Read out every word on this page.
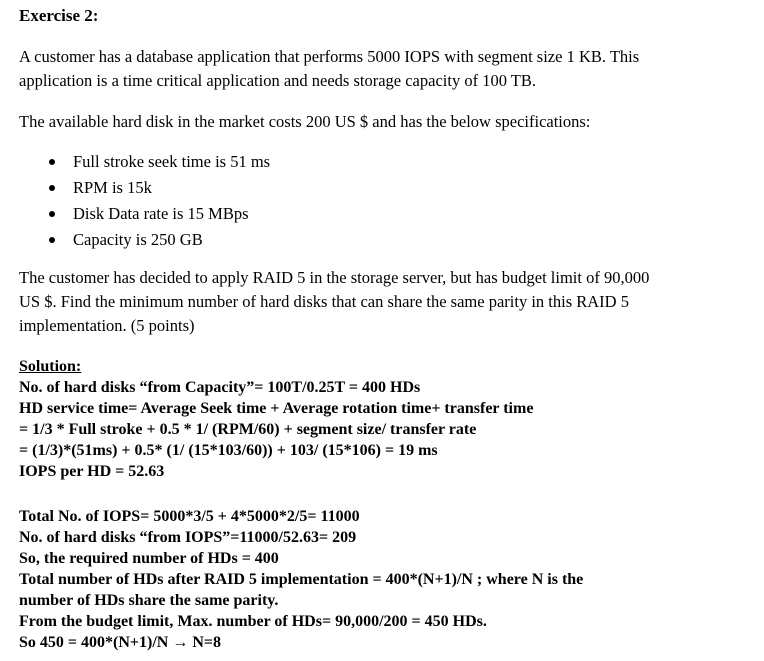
Exercise 2:
A customer has a database application that performs 5000 IOPS with segment size 1 KB. This
application is a time critical application and needs storage capacity of 100 TB.
The available hard disk in the market costs 200 US $ and has the below specifications:
Full stroke seek time is 51 ms
RPM is 15k
Disk Data rate is 15 MBps
Capacity is 250 GB
The customer has decided to apply RAID 5 in the storage server, but has budget limit of 90,000
US $. Find the minimum number of hard disks that can share the same parity in this RAID 5
implementation. (5 points)
Solution:
No. of hard disks “from Capacity”= 100T/0.25T = 400 HDs
HD service time= Average Seek time + Average rotation time+ transfer time
= 1/3 * Full stroke + 0.5 * 1/ (RPM/60) + segment size/ transfer rate
= (1/3)*(51ms) + 0.5* (1/ (15*103/60)) + 103/ (15*106) = 19 ms
IOPS per HD = 52.63
Total No. of IOPS= 5000*3/5 + 4*5000*2/5= 11000
No. of hard disks “from IOPS”=11000/52.63= 209
So, the required number of HDs = 400
Total number of HDs after RAID 5 implementation = 400*(N+1)/N ; where N is the
number of HDs share the same parity.
From the budget limit, Max. number of HDs= 90,000/200 = 450 HDs.
So 450 = 400*(N+1)/N → N=8
